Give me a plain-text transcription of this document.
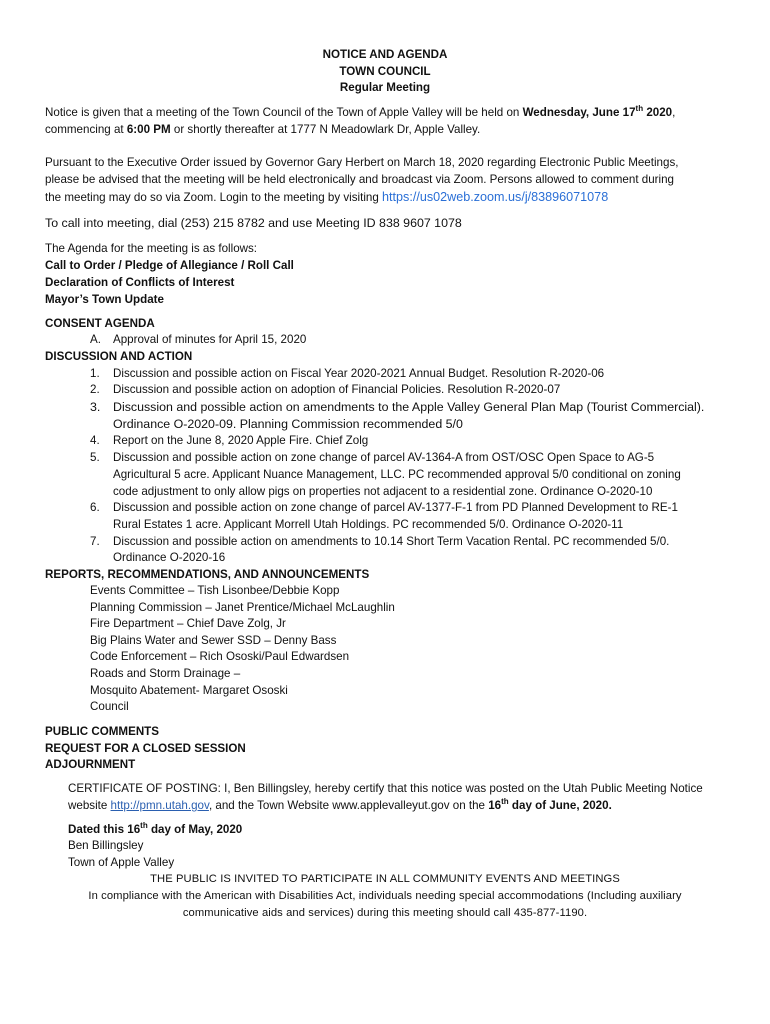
NOTICE AND AGENDA
TOWN COUNCIL
Regular Meeting
Notice is given that a meeting of the Town Council of the Town of Apple Valley will be held on Wednesday, June 17th 2020,
commencing at 6:00 PM or shortly thereafter at 1777 N Meadowlark Dr, Apple Valley.
Pursuant to the Executive Order issued by Governor Gary Herbert on March 18, 2020 regarding Electronic Public Meetings,
please be advised that the meeting will be held electronically and broadcast via Zoom. Persons allowed to comment during
the meeting may do so via Zoom. Login to the meeting by visiting https://us02web.zoom.us/j/83896071078
To call into meeting, dial (253) 215 8782 and use Meeting ID 838 9607 1078
The Agenda for the meeting is as follows:
Call to Order / Pledge of Allegiance / Roll Call
Declaration of Conflicts of Interest
Mayor’s Town Update
CONSENT AGENDA
A. Approval of minutes for April 15, 2020
DISCUSSION AND ACTION
1. Discussion and possible action on Fiscal Year 2020-2021 Annual Budget. Resolution R-2020-06
2. Discussion and possible action on adoption of Financial Policies. Resolution R-2020-07
3. Discussion and possible action on amendments to the Apple Valley General Plan Map (Tourist Commercial).
Ordinance O-2020-09. Planning Commission recommended 5/0
4. Report on the June 8, 2020 Apple Fire. Chief Zolg
5. Discussion and possible action on zone change of parcel AV-1364-A from OST/OSC Open Space to AG-5
Agricultural 5 acre. Applicant Nuance Management, LLC. PC recommended approval 5/0 conditional on zoning
code adjustment to only allow pigs on properties not adjacent to a residential zone. Ordinance O-2020-10
6. Discussion and possible action on zone change of parcel AV-1377-F-1 from PD Planned Development to RE-1
Rural Estates 1 acre. Applicant Morrell Utah Holdings. PC recommended 5/0. Ordinance O-2020-11
7. Discussion and possible action on amendments to 10.14 Short Term Vacation Rental. PC recommended 5/0.
Ordinance O-2020-16
REPORTS, RECOMMENDATIONS, AND ANNOUNCEMENTS
Events Committee – Tish Lisonbee/Debbie Kopp
Planning Commission – Janet Prentice/Michael McLaughlin
Fire Department – Chief Dave Zolg, Jr
Big Plains Water and Sewer SSD – Denny Bass
Code Enforcement – Rich Ososki/Paul Edwardsen
Roads and Storm Drainage –
Mosquito Abatement- Margaret Ososki
Council
PUBLIC COMMENTS
REQUEST FOR A CLOSED SESSION
ADJOURNMENT
CERTIFICATE OF POSTING: I, Ben Billingsley, hereby certify that this notice was posted on the Utah Public Meeting Notice
website http://pmn.utah.gov, and the Town Website www.applevalleyut.gov on the 16th day of June, 2020.
Dated this 16th day of May, 2020
Ben Billingsley
Town of Apple Valley
THE PUBLIC IS INVITED TO PARTICIPATE IN ALL COMMUNITY EVENTS AND MEETINGS
In compliance with the American with Disabilities Act, individuals needing special accommodations (Including auxiliary
communicative aids and services) during this meeting should call 435-877-1190.
